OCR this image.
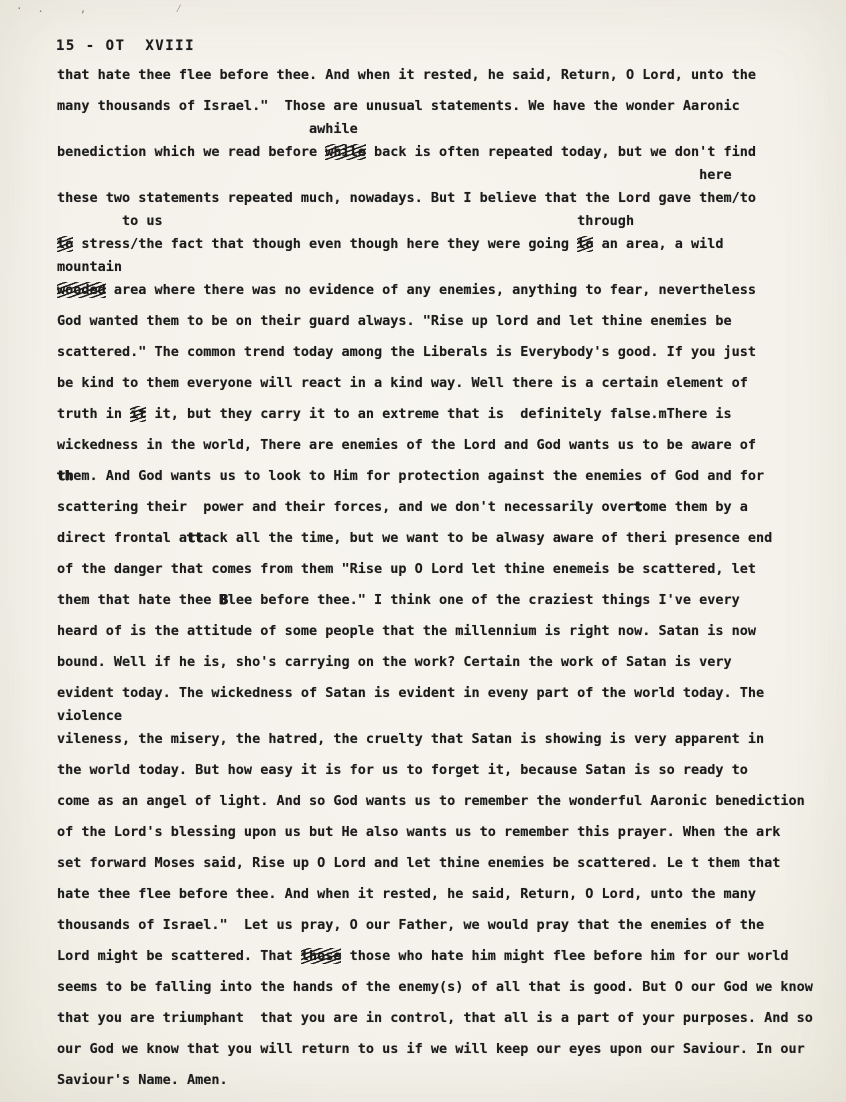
· .   ,        ⁄
15 - OT  XVIII
that hate thee flee before thee. And when it rested, he said, Return, O Lord, unto the
many thousands of Israel."  Those are unusual statements. We have the wonder Aaronic
awhile
benediction which we read before while back is often repeated today, but we don't find
here
these two statements repeated much, nowadays. But I believe that the Lord gave them/to
to us                                                   through
to stress/the fact that though even though here they were going to an area, a wild
mountain
wooded area where there was no evidence of any enemies, anything to fear, nevertheless
God wanted them to be on their guard always. "Rise up lord and let thine enemies be
scattered." The common trend today among the Liberals is Everybody's good. If you just
be kind to them everyone will react in a kind way. Well there is a certain element of
truth in it it, but they carry it to an extreme that is  definitely false.mThere is
wickedness in the world, There are enemies of the Lord and God wants us to be aware of
them. And God wants us to look to Him for protection against the enemies of God and for
scattering their  power and their forces, and we don't necessarily overtome them by a
direct frontal attack all the time, but we want to be alwasy aware of theri presence end
of the danger that comes from them "Rise up O Lord let thine enemeis be scattered, let
them that hate thee Blee before thee." I think one of the craziest things I've every
heard of is the attitude of some people that the millennium is right now. Satan is now
bound. Well if he is, sho's carrying on the work? Certain the work of Satan is very
evident today. The wickedness of Satan is evident in eveny part of the world today. The
violence
vileness, the misery, the hatred, the cruelty that Satan is showing is very apparent in
the world today. But how easy it is for us to forget it, because Satan is so ready to
come as an angel of light. And so God wants us to remember the wonderful Aaronic benediction
of the Lord's blessing upon us but He also wants us to remember this prayer. When the ark
set forward Moses said, Rise up O Lord and let thine enemies be scattered. Le t them that
hate thee flee before thee. And when it rested, he said, Return, O Lord, unto the many
thousands of Israel."  Let us pray, O our Father, we would pray that the enemies of the
Lord might be scattered. That those those who hate him might flee before him for our world
seems to be falling into the hands of the enemy(s) of all that is good. But O our God we know
that you are triumphant  that you are in control, that all is a part of your purposes. And so
our God we know that you will return to us if we will keep our eyes upon our Saviour. In our
Saviour's Name. Amen.
